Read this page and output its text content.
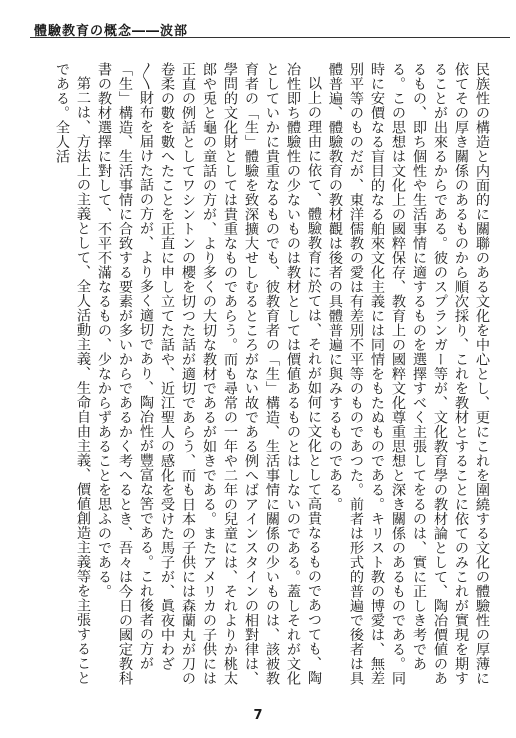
體驗教育の概念――波部

民族性の構造と内面的に關聯のある文化を中心とし、更にこれを圍繞する文化の體驗性の厚薄に依てその厚き關係のあるものから順次採り、これを教材とすることに依てのみこれが實現を期することが出來るからである。彼のスプランガー等が、文化教育學の教材論として、陶冶價値のあるもの、即ち個性や生活事情に適するものを選擇すべく主張してをるのは、實に正しき考である。この思想は文化上の國粹保存、教育上の國粹文化尊重思想と深き關係のあるものである。同時に安價なる盲目的なる舶來文化主義には同情をもたぬものである。キリスト教の博愛は、無差別平等のものだが、東洋儒教の愛は有差別不平等のものであつた。前者は形式的普遍で後者は具體普遍、體驗教育の教材觀は後者の具體普遍に與みするものである。

以上の理由に依て、體驗教育に於ては、それが如何に文化として高貴なるものであつても、陶冶性即ち體驗性の少ないものは教材としては價値あるものとはしないのである。蓋しそれが文化としていかに貴重なるものでも、彼教育者の「生」構造、生活事情に關係の少いものは、該被教育者の「生」體驗を致深擴大せしむるところがない故である例へばアインスタインの相對律は、學問的文化財としては貴重なものであらう。而も尋常の一年や二年の兒童には、それよりか桃太郎や兎と龜の童話の方が、より多くの大切な教材であるが如きである。またアメリカの子供には正直の例話としてワシントンの櫻を切つた話が適切であらう、而も日本の子供には森蘭丸が刀の卷柔の數を數へたことを正直に申し立てた話や、近江聖人の感化を受けた馬子が、眞夜中わざ〳〵財布を届けた話の方が、より多く適切であり、陶冶性が豐富な筈である。これ後者の方が「生」構造、生活事情に合致する要素が多いからであるかく考へるとき、吾々は今日の國定教科書の教材選擇に對して、不平不滿なるもの、少なからずあることを思ふのである。

第二は、方法上の主義として、全人活動主義、生命自由主義、價値創造主義等を主張することである。全人活

7
